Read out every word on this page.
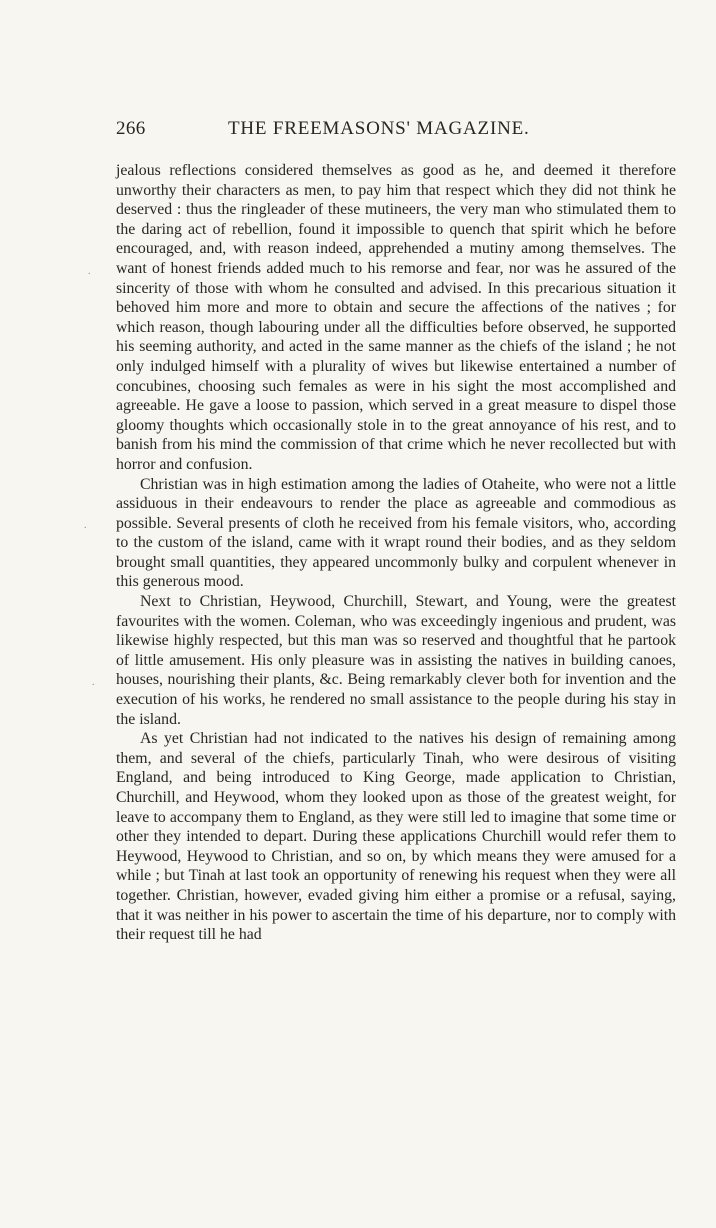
266	THE FREEMASONS' MAGAZINE.

jealous reflections considered themselves as good as he, and deemed it therefore unworthy their characters as men, to pay him that respect which they did not think he deserved : thus the ringleader of these mutineers, the very man who stimulated them to the daring act of rebellion, found it impossible to quench that spirit which he before encouraged, and, with reason indeed, apprehended a mutiny among themselves. The want of honest friends added much to his remorse and fear, nor was he assured of the sincerity of those with whom he consulted and advised. In this precarious situation it behoved him more and more to obtain and secure the affections of the natives ; for which reason, though labouring under all the difficulties before observed, he supported his seeming authority, and acted in the same manner as the chiefs of the island ; he not only indulged himself with a plurality of wives but likewise entertained a number of concubines, choosing such females as were in his sight the most accomplished and agreeable. He gave a loose to passion, which served in a great measure to dispel those gloomy thoughts which occasionally stole in to the great annoyance of his rest, and to banish from his mind the commission of that crime which he never recollected but with horror and confusion.

Christian was in high estimation among the ladies of Otaheite, who were not a little assiduous in their endeavours to render the place as agreeable and commodious as possible. Several presents of cloth he received from his female visitors, who, according to the custom of the island, came with it wrapt round their bodies, and as they seldom brought small quantities, they appeared uncommonly bulky and corpulent whenever in this generous mood.

Next to Christian, Heywood, Churchill, Stewart, and Young, were the greatest favourites with the women. Coleman, who was exceedingly ingenious and prudent, was likewise highly respected, but this man was so reserved and thoughtful that he partook of little amusement. His only pleasure was in assisting the natives in building canoes, houses, nourishing their plants, &c. Being remarkably clever both for invention and the execution of his works, he rendered no small assistance to the people during his stay in the island.

As yet Christian had not indicated to the natives his design of remaining among them, and several of the chiefs, particularly Tinah, who were desirous of visiting England, and being introduced to King George, made application to Christian, Churchill, and Heywood, whom they looked upon as those of the greatest weight, for leave to accompany them to England, as they were still led to imagine that some time or other they intended to depart. During these applications Churchill would refer them to Heywood, Heywood to Christian, and so on, by which means they were amused for a while ; but Tinah at last took an opportunity of renewing his request when they were all together. Christian, however, evaded giving him either a promise or a refusal, saying, that it was neither in his power to ascertain the time of his departure, nor to comply with their request till he had

.
.
.
